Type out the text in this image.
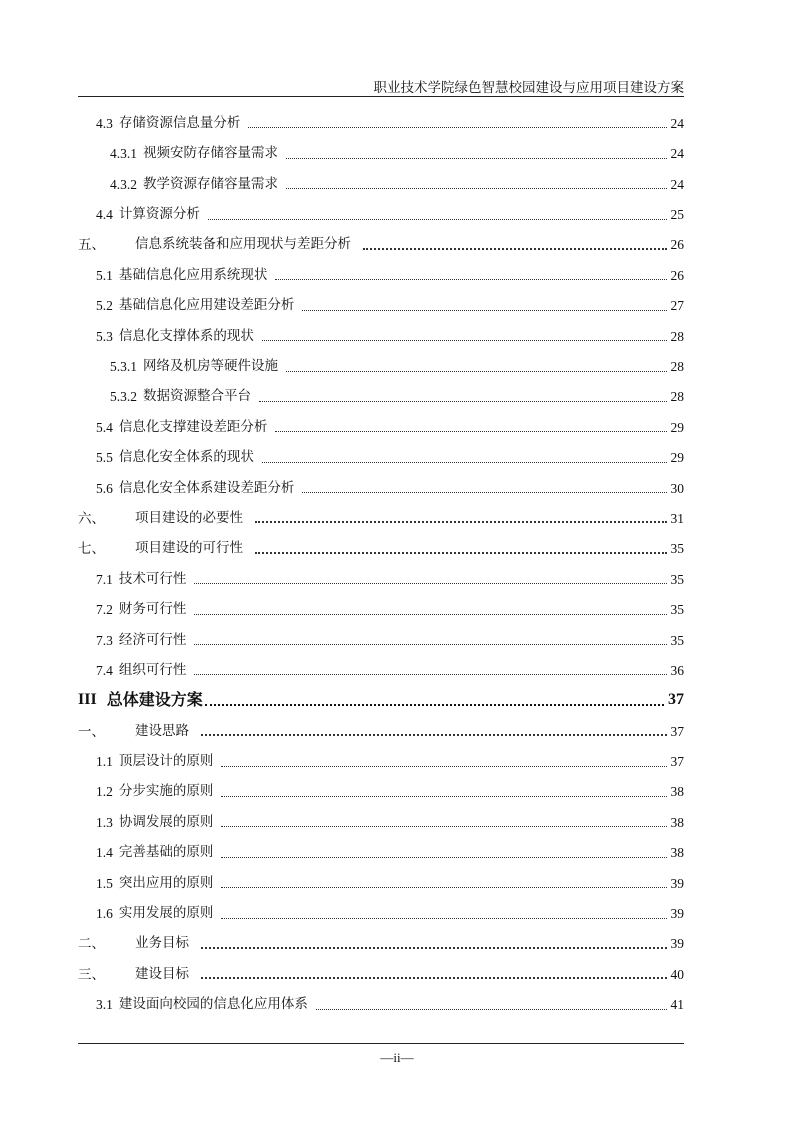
职业技术学院绿色智慧校园建设与应用项目建设方案
4.3 存储资源信息量分析	24
4.3.1 视频安防存储容量需求	24
4.3.2 教学资源存储容量需求	24
4.4 计算资源分析	25
五、 信息系统装备和应用现状与差距分析	26
5.1 基础信息化应用系统现状	26
5.2 基础信息化应用建设差距分析	27
5.3 信息化支撑体系的现状	28
5.3.1 网络及机房等硬件设施	28
5.3.2 数据资源整合平台	28
5.4 信息化支撑建设差距分析	29
5.5 信息化安全体系的现状	29
5.6 信息化安全体系建设差距分析	30
六、 项目建设的必要性	31
七、 项目建设的可行性	35
7.1 技术可行性	35
7.2 财务可行性	35
7.3 经济可行性	35
7.4 组织可行性	36
III 总体建设方案	37
一、 建设思路	37
1.1 顶层设计的原则	37
1.2 分步实施的原则	38
1.3 协调发展的原则	38
1.4 完善基础的原则	38
1.5 突出应用的原则	39
1.6 实用发展的原则	39
二、 业务目标	39
三、 建设目标	40
3.1 建设面向校园的信息化应用体系	41
—ii—
